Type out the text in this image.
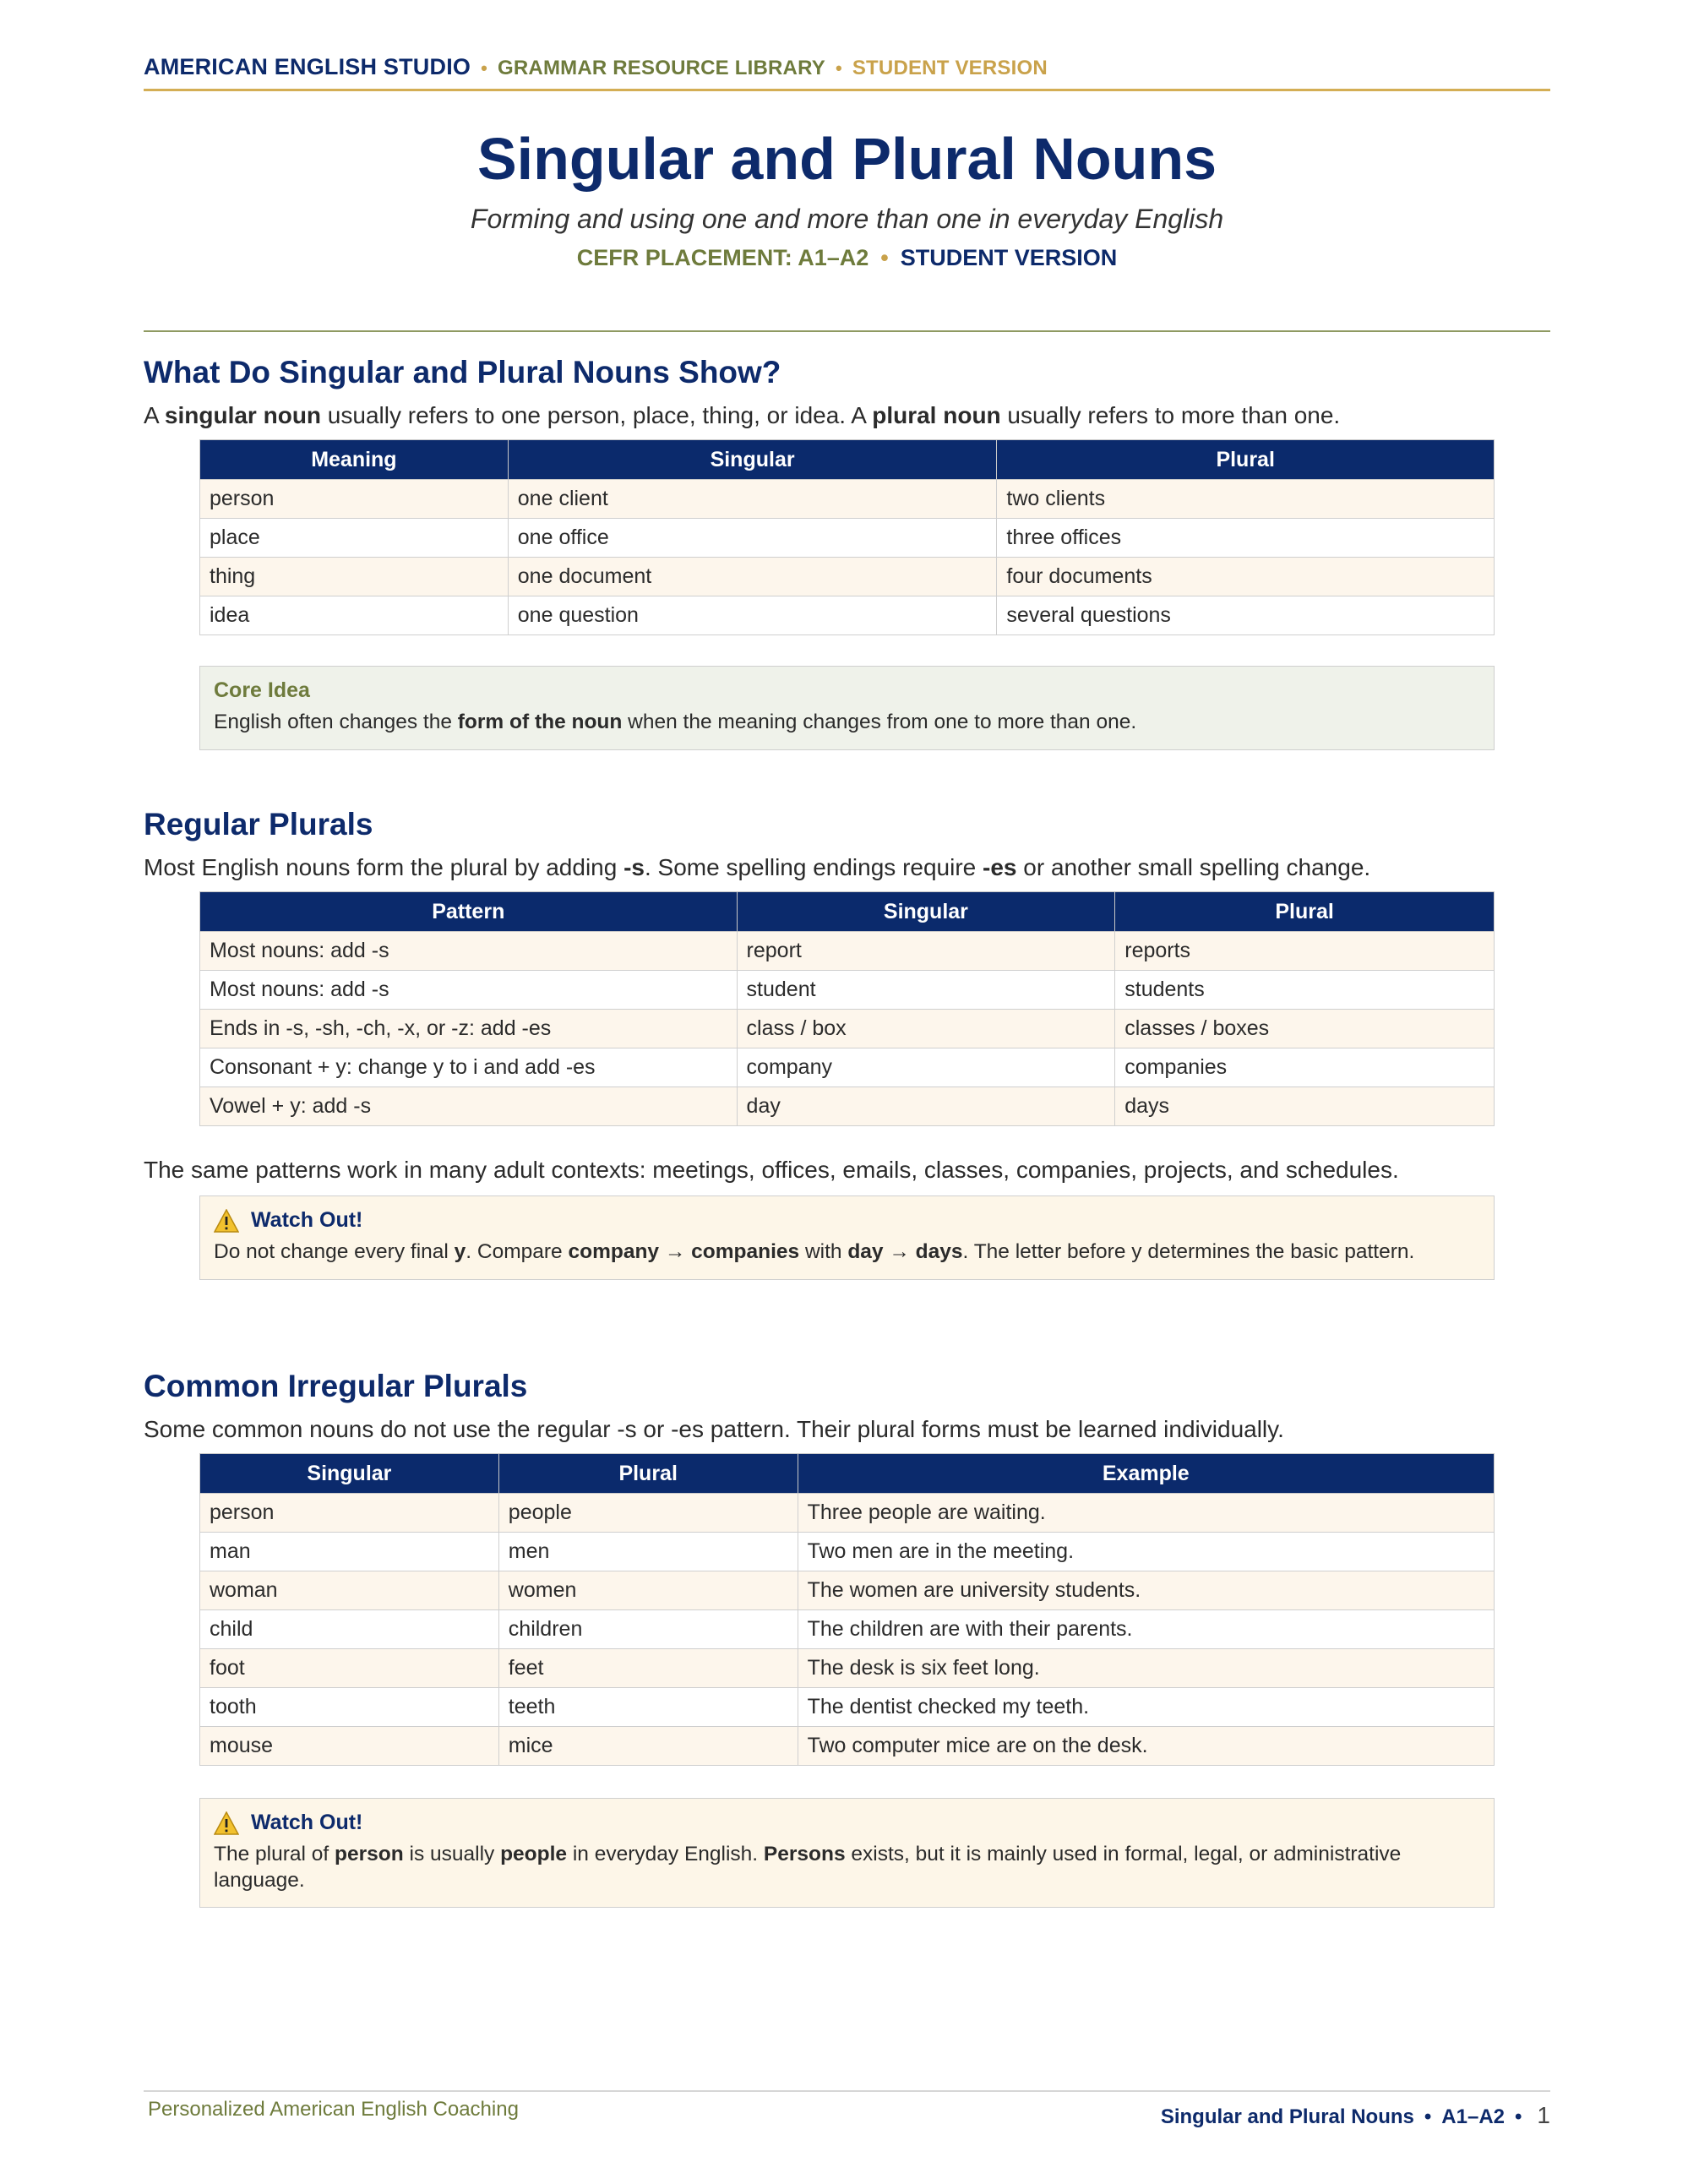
AMERICAN ENGLISH STUDIO • GRAMMAR RESOURCE LIBRARY • STUDENT VERSION
Singular and Plural Nouns
Forming and using one and more than one in everyday English
CEFR PLACEMENT: A1–A2 • STUDENT VERSION
What Do Singular and Plural Nouns Show?
A singular noun usually refers to one person, place, thing, or idea. A plural noun usually refers to more than one.
Meaning	Singular	Plural
person	one client	two clients
place	one office	three offices
thing	one document	four documents
idea	one question	several questions
Core Idea
English often changes the form of the noun when the meaning changes from one to more than one.
Regular Plurals
Most English nouns form the plural by adding -s. Some spelling endings require -es or another small spelling change.
Pattern	Singular	Plural
Most nouns: add -s	report	reports
Most nouns: add -s	student	students
Ends in -s, -sh, -ch, -x, or -z: add -es	class / box	classes / boxes
Consonant + y: change y to i and add -es	company	companies
Vowel + y: add -s	day	days
The same patterns work in many adult contexts: meetings, offices, emails, classes, companies, projects, and schedules.
Watch Out!
Do not change every final y. Compare company → companies with day → days. The letter before y determines the basic pattern.
Common Irregular Plurals
Some common nouns do not use the regular -s or -es pattern. Their plural forms must be learned individually.
Singular	Plural	Example
person	people	Three people are waiting.
man	men	Two men are in the meeting.
woman	women	The women are university students.
child	children	The children are with their parents.
foot	feet	The desk is six feet long.
tooth	teeth	The dentist checked my teeth.
mouse	mice	Two computer mice are on the desk.
Watch Out!
The plural of person is usually people in everyday English. Persons exists, but it is mainly used in formal, legal, or administrative language.
Personalized American English Coaching	Singular and Plural Nouns • A1–A2 • 1
